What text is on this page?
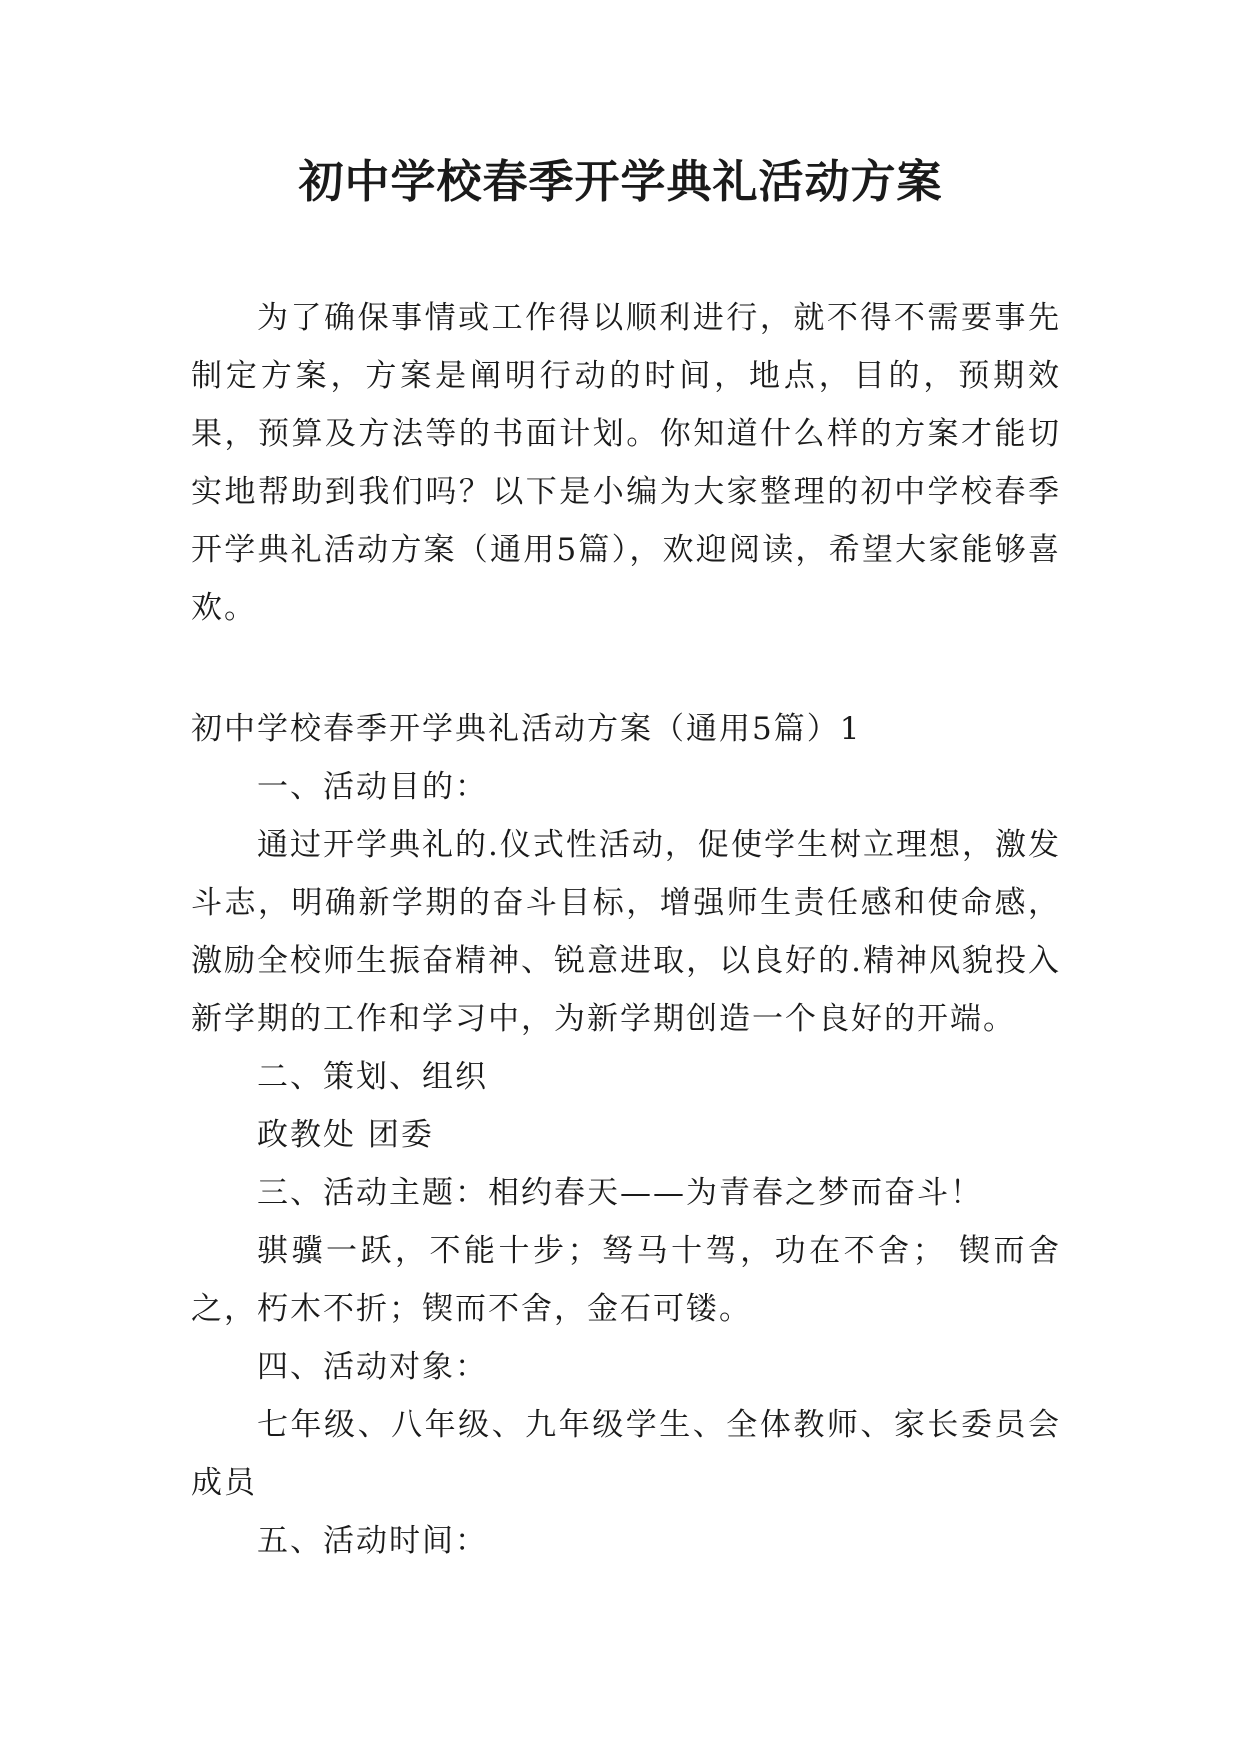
初中学校春季开学典礼活动方案

为了确保事情或工作得以顺利进行，就不得不需要事先制定方案，方案是阐明行动的时间，地点，目的，预期效果，预算及方法等的书面计划。你知道什么样的方案才能切实地帮助到我们吗？以下是小编为大家整理的初中学校春季开学典礼活动方案（通用5篇），欢迎阅读，希望大家能够喜欢。

初中学校春季开学典礼活动方案（通用5篇）1

一、活动目的：

通过开学典礼的.仪式性活动，促使学生树立理想，激发斗志，明确新学期的奋斗目标，增强师生责任感和使命感，激励全校师生振奋精神、锐意进取，以良好的.精神风貌投入新学期的工作和学习中，为新学期创造一个良好的开端。

二、策划、组织

政教处 团委

三、活动主题：相约春天——为青春之梦而奋斗！

骐骥一跃，不能十步；驽马十驾，功在不舍； 锲而舍之，朽木不折；锲而不舍，金石可镂。

四、活动对象：

七年级、八年级、九年级学生、全体教师、家长委员会成员

五、活动时间：
